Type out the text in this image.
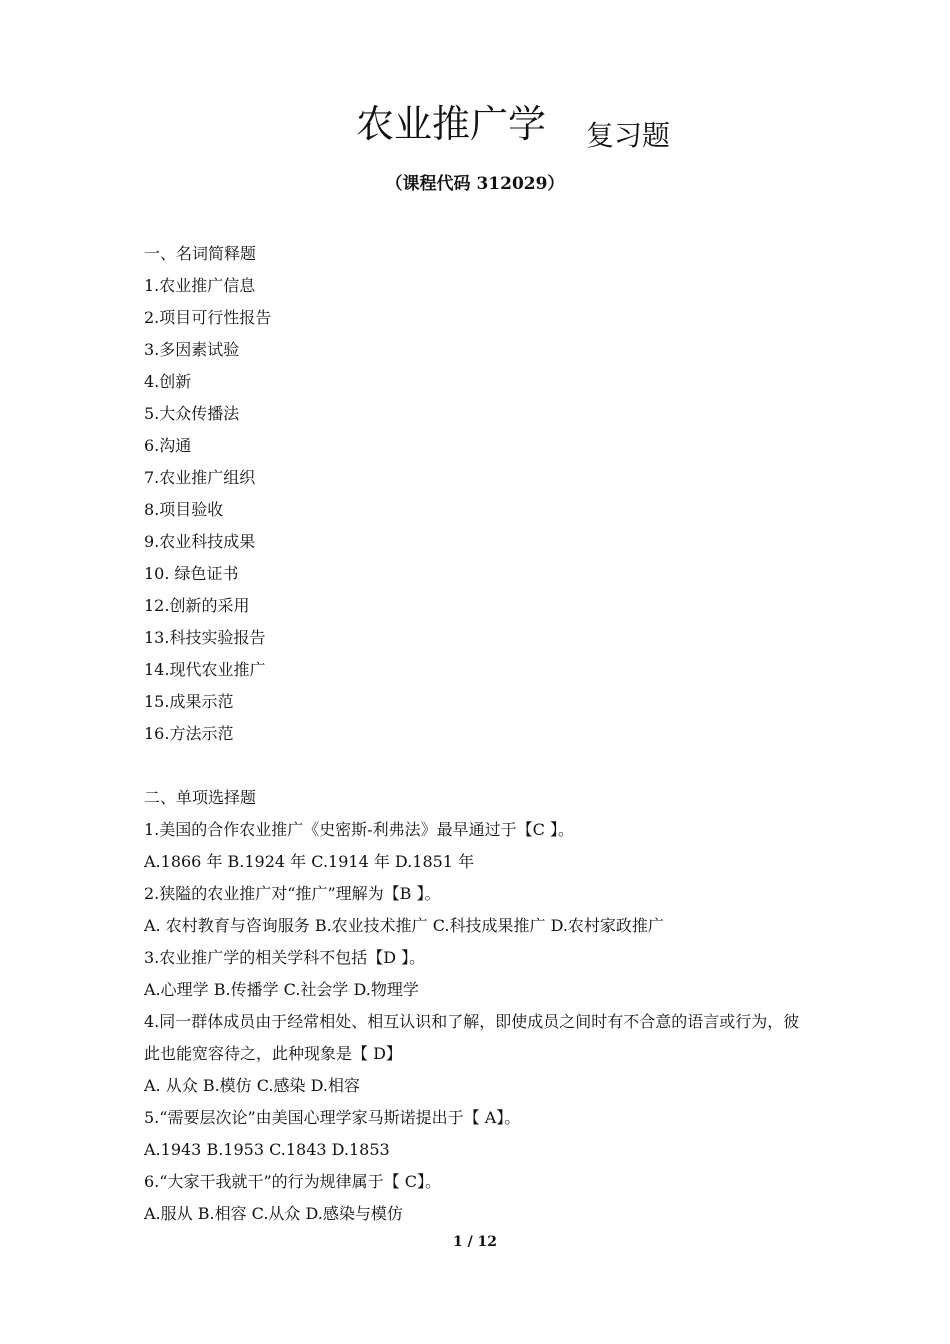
农业推广学 复习题
（课程代码 312029）
一、名词简释题
1.农业推广信息
2.项目可行性报告
3.多因素试验
4.创新
5.大众传播法
6.沟通
7.农业推广组织
8.项目验收
9.农业科技成果
10. 绿色证书
12.创新的采用
13.科技实验报告
14.现代农业推广
15.成果示范
16.方法示范
二、单项选择题
1.美国的合作农业推广《史密斯-利弗法》最早通过于【C 】。
A.1866 年 B.1924 年 C.1914 年 D.1851 年
2.狭隘的农业推广对“推广”理解为【B 】。
A. 农村教育与咨询服务 B.农业技术推广 C.科技成果推广 D.农村家政推广
3.农业推广学的相关学科不包括【D 】。
A.心理学 B.传播学 C.社会学 D.物理学
4.同一群体成员由于经常相处、相互认识和了解，即使成员之间时有不合意的语言或行为，彼此也能宽容待之，此种现象是【 D】
A. 从众 B.模仿 C.感染 D.相容
5.“需要层次论”由美国心理学家马斯诺提出于【 A】。
A.1943 B.1953 C.1843 D.1853
6.“大家干我就干”的行为规律属于【 C】。
A.服从 B.相容 C.从众 D.感染与模仿
1 / 12
